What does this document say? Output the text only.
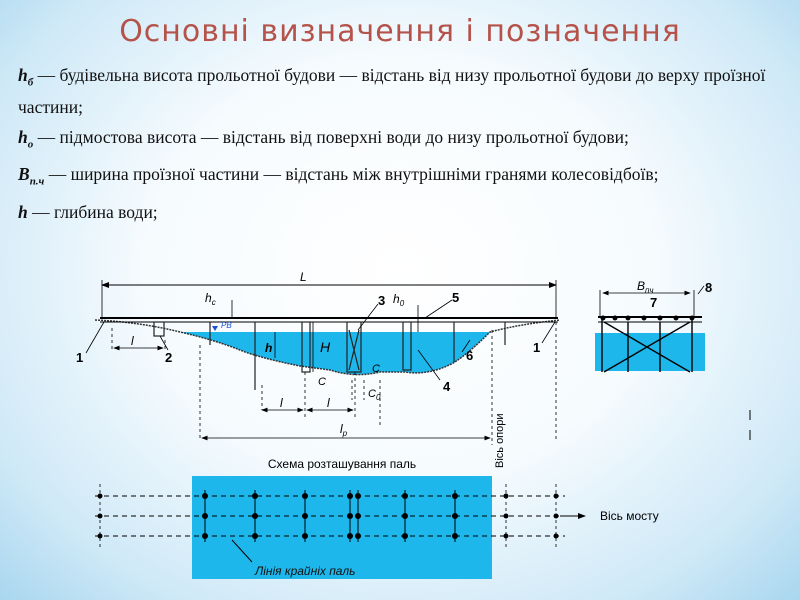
Основні визначення і позначення

$h_б$ — будівельна висота прольотної будови — відстань від низу прольотної будови до верху проїзної частини;

$h_о$ — підмостова висота — відстань від поверхні води до низу прольотної будови;

$B_{п.ч}$ — ширина проїзної частини — відстань між внутрішніми гранями колесовідбоїв;

h — глибина води;

L
$h_c$	$h_0$
РВ
h	H
C
C
$C_0$
l
l	l
$l_p$
1
1
2
3
4
5
6
Вісь опори
$B_{пч}$
7
8
Схема розташування паль
Вісь мосту
Лінія крайніх паль
